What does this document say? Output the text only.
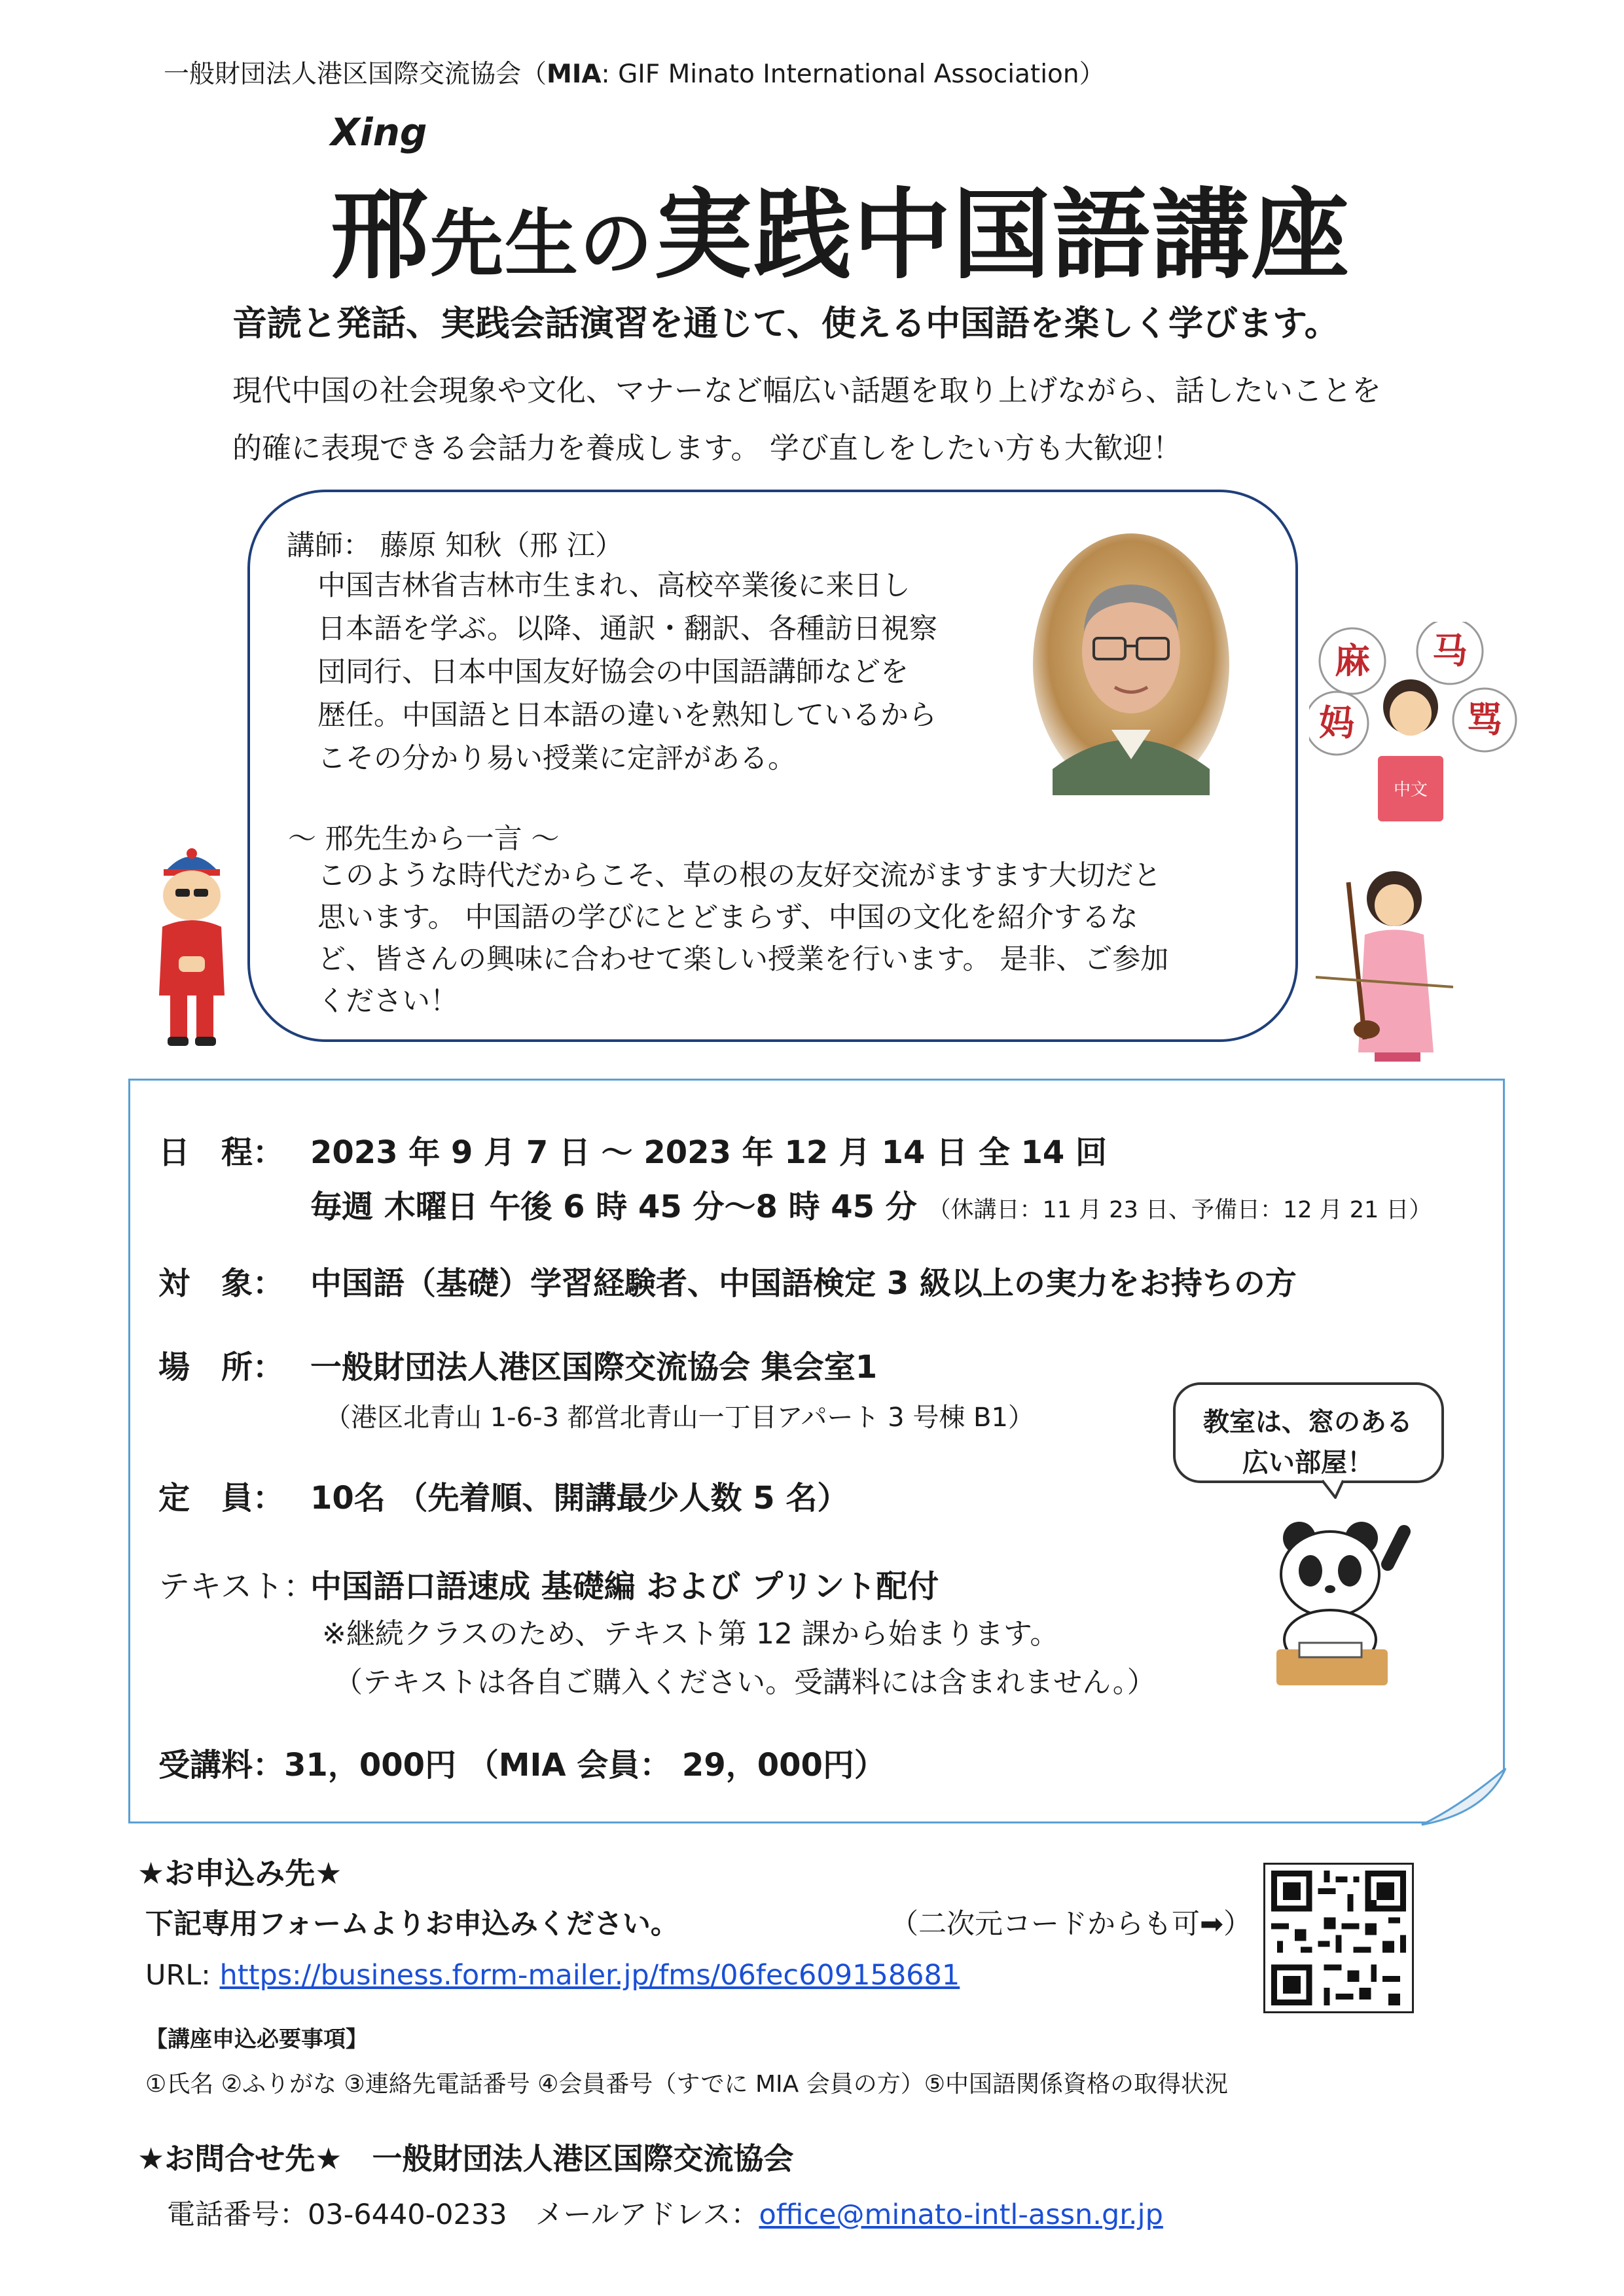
一般財団法人港区国際交流協会（MIA: GIF Minato International Association）
Xing
邢先生の実践中国語講座
音読と発話、実践会話演習を通じて、使える中国語を楽しく学びます。
現代中国の社会現象や文化、マナーなど幅広い話題を取り上げながら、話したいことを
的確に表現できる会話力を養成します。 学び直しをしたい方も大歓迎！
講師： 藤原 知秋（邢 江）
中国吉林省吉林市生まれ、高校卒業後に来日し
日本語を学ぶ。以降、通訳・翻訳、各種訪日視察
団同行、日本中国友好協会の中国語講師などを
歴任。中国語と日本語の違いを熟知しているから
こその分かり易い授業に定評がある。
～ 邢先生から一言 ～
このような時代だからこそ、草の根の友好交流がますます大切だと
思います。 中国語の学びにとどまらず、中国の文化を紹介するな
ど、皆さんの興味に合わせて楽しい授業を行います。 是非、ご参加
ください！
麻 马
妈	骂
中文
日　程： 2023 年 9 月 7 日 ～ 2023 年 12 月 14 日 全 14 回
毎週 木曜日 午後 6 時 45 分～8 時 45 分 （休講日：11 月 23 日、予備日：12 月 21 日）
対　象： 中国語（基礎）学習経験者、中国語検定 3 級以上の実力をお持ちの方
場　所： 一般財団法人港区国際交流協会 集会室1
（港区北青山 1-6-3 都営北青山一丁目アパート 3 号棟 B1）
定　員： 10名 （先着順、開講最少人数 5 名）
テキスト：中国語口語速成 基礎編 および プリント配付
※継続クラスのため、テキスト第 12 課から始まります。
（テキストは各自ご購入ください。受講料には含まれません。）
受講料：31，000円 （MIA 会員： 29，000円）
教室は、窓のある
広い部屋！
★お申込み先★
下記専用フォームよりお申込みください。	（二次元コードからも可➡）
URL: https://business.form-mailer.jp/fms/06fec609158681
【講座申込必要事項】
①氏名 ②ふりがな ③連絡先電話番号 ④会員番号（すでに MIA 会員の方）⑤中国語関係資格の取得状況
★お問合せ先★　一般財団法人港区国際交流協会
電話番号：03-6440-0233　メールアドレス：office@minato-intl-assn.gr.jp
